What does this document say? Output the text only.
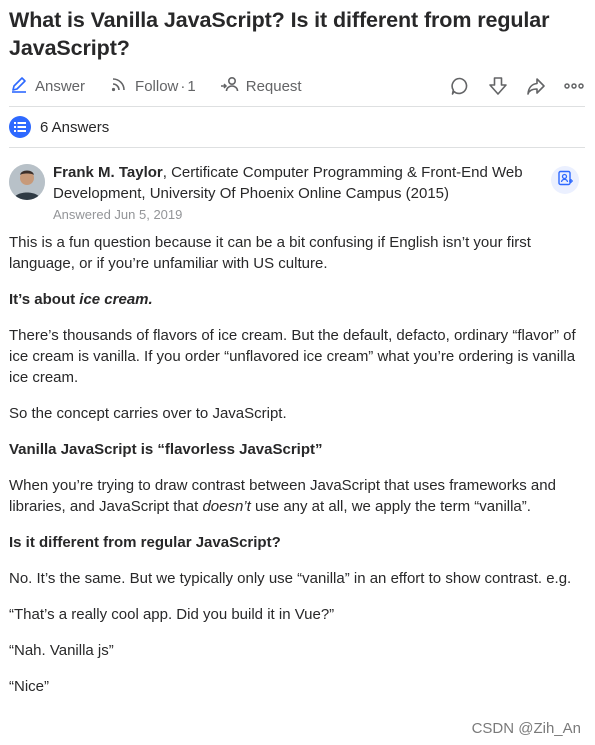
What is Vanilla JavaScript? Is it different from regular JavaScript?
Answer	Follow · 1	Request
6 Answers
Frank M. Taylor, Certificate Computer Programming & Front-End Web Development, University Of Phoenix Online Campus (2015)
Answered Jun 5, 2019

This is a fun question because it can be a bit confusing if English isn’t your first language, or if you’re unfamiliar with US culture.

It’s about ice cream.

There’s thousands of flavors of ice cream. But the default, defacto, ordinary “flavor” of ice cream is vanilla. If you order “unflavored ice cream” what you’re ordering is vanilla ice cream.

So the concept carries over to JavaScript.

Vanilla JavaScript is “flavorless JavaScript”

When you’re trying to draw contrast between JavaScript that uses frameworks and libraries, and JavaScript that doesn’t use any at all, we apply the term “vanilla”.

Is it different from regular JavaScript?

No. It’s the same. But we typically only use “vanilla” in an effort to show contrast. e.g.

“That’s a really cool app. Did you build it in Vue?”

“Nah. Vanilla js”

“Nice”

CSDN @Zih_An
